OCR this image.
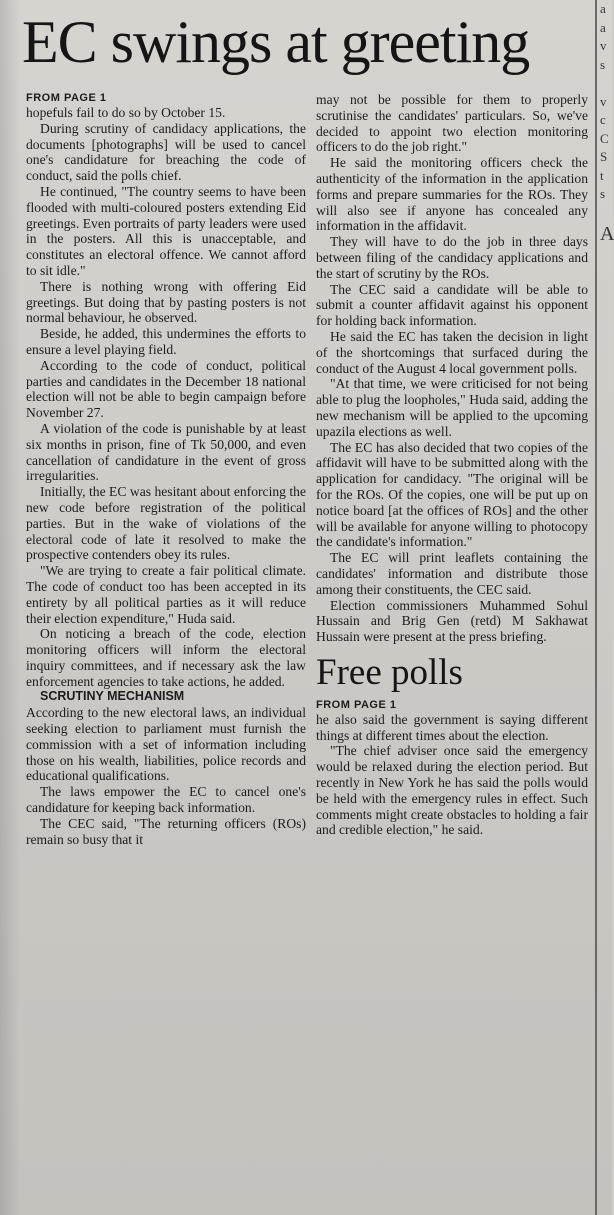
EC swings at greeting

FROM PAGE 1

hopefuls fail to do so by October 15.

During scrutiny of candidacy applications, the documents [photographs] will be used to cancel one's candidature for breaching the code of conduct, said the polls chief.

He continued, "The country seems to have been flooded with multi-coloured posters extending Eid greetings. Even portraits of party leaders were used in the posters. All this is unacceptable, and constitutes an electoral offence. We cannot afford to sit idle."

There is nothing wrong with offering Eid greetings. But doing that by pasting posters is not normal behaviour, he observed.

Beside, he added, this undermines the efforts to ensure a level playing field.

According to the code of conduct, political parties and candidates in the December 18 national election will not be able to begin campaign before November 27.

A violation of the code is punishable by at least six months in prison, fine of Tk 50,000, and even cancellation of candidature in the event of gross irregularities.

Initially, the EC was hesitant about enforcing the new code before registration of the political parties. But in the wake of violations of the electoral code of late it resolved to make the prospective contenders obey its rules.

"We are trying to create a fair political climate. The code of conduct too has been accepted in its entirety by all political parties as it will reduce their election expenditure," Huda said.

On noticing a breach of the code, election monitoring officers will inform the electoral inquiry committees, and if necessary ask the law enforcement agencies to take actions, he added.

SCRUTINY MECHANISM

According to the new electoral laws, an individual seeking election to parliament must furnish the commission with a set of information including those on his wealth, liabilities, police records and educational qualifications.

The laws empower the EC to cancel one's candidature for keeping back information.

The CEC said, "The returning officers (ROs) remain so busy that it

may not be possible for them to properly scrutinise the candidates' particulars. So, we've decided to appoint two election monitoring officers to do the job right."

He said the monitoring officers check the authenticity of the information in the application forms and prepare summaries for the ROs. They will also see if anyone has concealed any information in the affidavit.

They will have to do the job in three days between filing of the candidacy applications and the start of scrutiny by the ROs.

The CEC said a candidate will be able to submit a counter affidavit against his opponent for holding back information.

He said the EC has taken the decision in light of the shortcomings that surfaced during the conduct of the August 4 local government polls.

"At that time, we were criticised for not being able to plug the loopholes," Huda said, adding the new mechanism will be applied to the upcoming upazila elections as well.

The EC has also decided that two copies of the affidavit will have to be submitted along with the application for candidacy. "The original will be for the ROs. Of the copies, one will be put up on notice board [at the offices of ROs] and the other will be available for anyone willing to photocopy the candidate's information."

The EC will print leaflets containing the candidates' information and distribute those among their constituents, the CEC said.

Election commissioners Muhammed Sohul Hussain and Brig Gen (retd) M Sakhawat Hussain were present at the press briefing.

Free polls

FROM PAGE 1

he also said the government is saying different things at different times about the election.

"The chief adviser once said the emergency would be relaxed during the election period. But recently in New York he has said the polls would be held with the emergency rules in effect. Such comments might create obstacles to holding a fair and credible election," he said.

a
a
v
s

v
c
C
S
t
s

A
